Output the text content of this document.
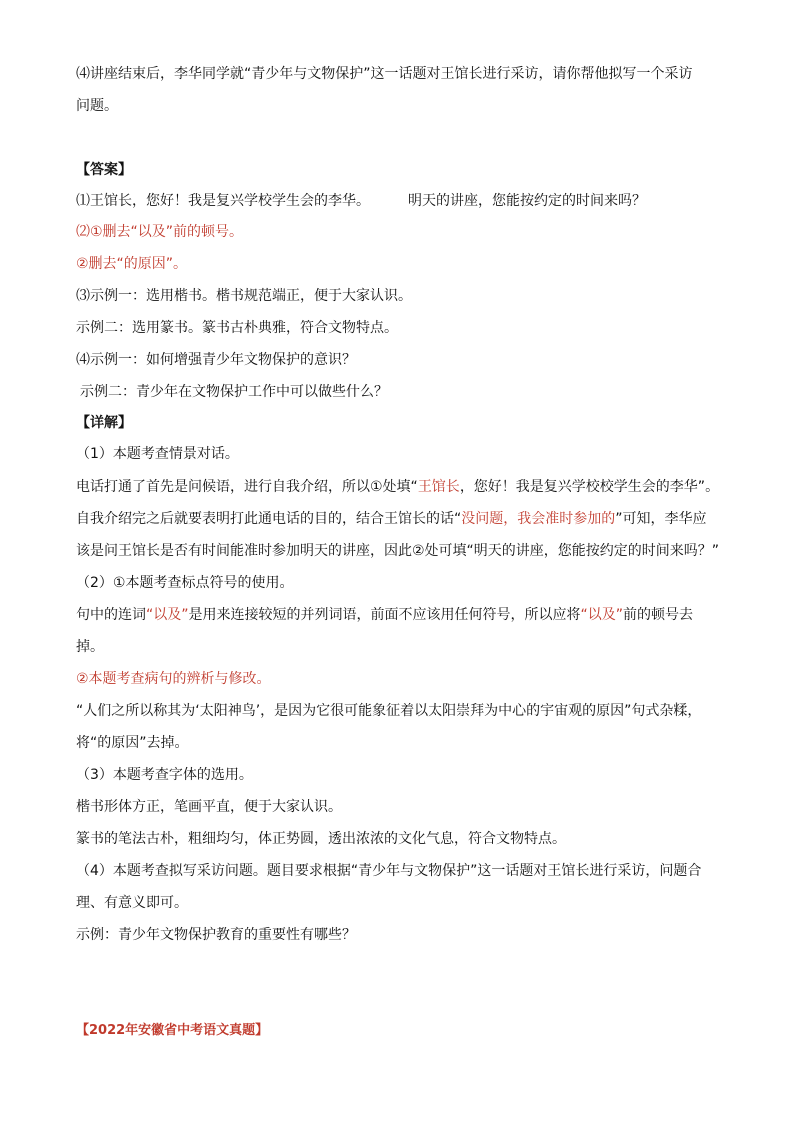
⑷讲座结束后，李华同学就“青少年与文物保护”这一话题对王馆长进行采访，请你帮他拟写一个采访
问题。
【答案】
⑴王馆长，您好！我是复兴学校学生会的李华。	明天的讲座，您能按约定的时间来吗？
⑵①删去“以及”前的顿号。
②删去“的原因”。
⑶示例一：选用楷书。楷书规范端正，便于大家认识。
示例二：选用篆书。篆书古朴典雅，符合文物特点。
⑷示例一：如何增强青少年文物保护的意识？
示例二：青少年在文物保护工作中可以做些什么？
【详解】
（1）本题考查情景对话。
电话打通了首先是问候语，进行自我介绍，所以①处填“王馆长，您好！我是复兴学校校学生会的李华”。
自我介绍完之后就要表明打此通电话的目的，结合王馆长的话“没问题，我会准时参加的”可知，李华应
该是问王馆长是否有时间能准时参加明天的讲座，因此②处可填“明天的讲座，您能按约定的时间来吗？”
（2）①本题考查标点符号的使用。
句中的连词“以及”是用来连接较短的并列词语，前面不应该用任何符号，所以应将“以及”前的顿号去
掉。
②本题考查病句的辨析与修改。
“人们之所以称其为‘太阳神鸟’，是因为它很可能象征着以太阳崇拜为中心的宇宙观的原因”句式杂糅，
将“的原因”去掉。
（3）本题考查字体的选用。
楷书形体方正，笔画平直，便于大家认识。
篆书的笔法古朴，粗细均匀，体正势圆，透出浓浓的文化气息，符合文物特点。
（4）本题考查拟写采访问题。题目要求根据“青少年与文物保护”这一话题对王馆长进行采访，问题合
理、有意义即可。
示例：青少年文物保护教育的重要性有哪些？
【2022年安徽省中考语文真题】
